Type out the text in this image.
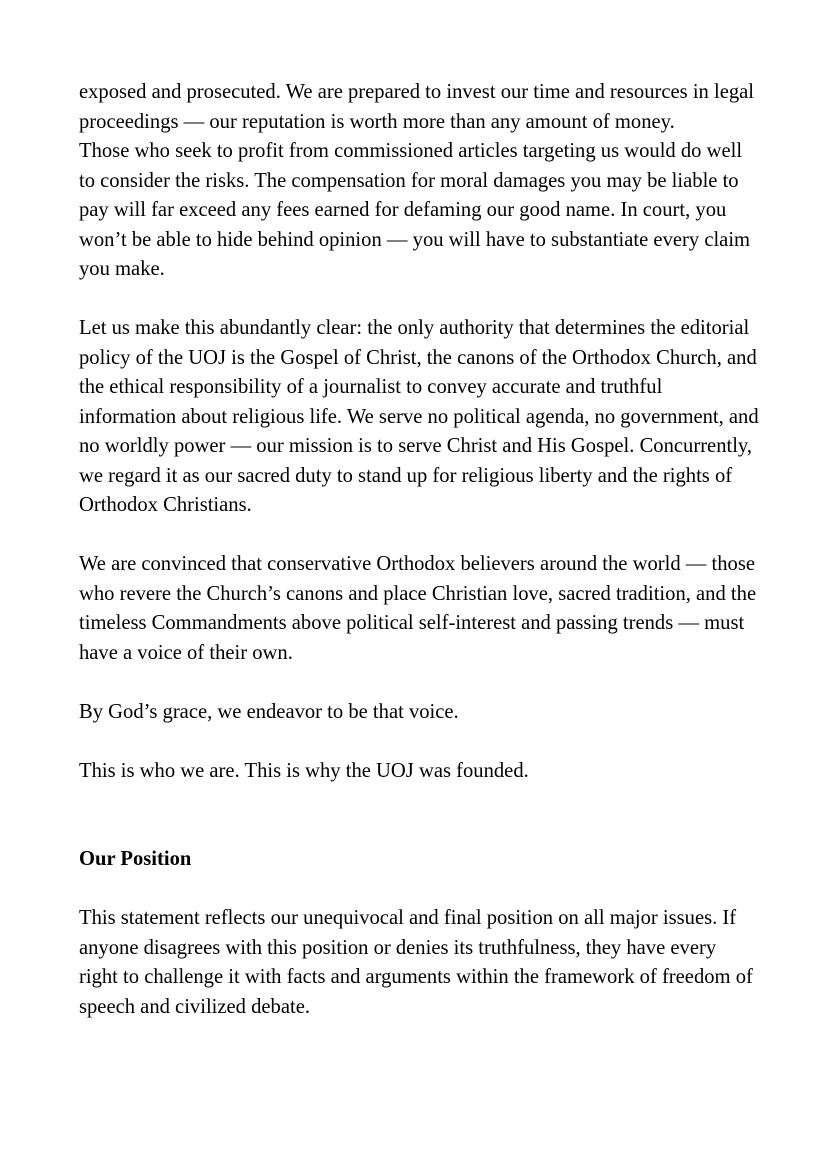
exposed and prosecuted. We are prepared to invest our time and resources in legal proceedings — our reputation is worth more than any amount of money.

Those who seek to profit from commissioned articles targeting us would do well to consider the risks. The compensation for moral damages you may be liable to pay will far exceed any fees earned for defaming our good name. In court, you won’t be able to hide behind opinion — you will have to substantiate every claim you make.

Let us make this abundantly clear: the only authority that determines the editorial policy of the UOJ is the Gospel of Christ, the canons of the Orthodox Church, and the ethical responsibility of a journalist to convey accurate and truthful information about religious life. We serve no political agenda, no government, and no worldly power — our mission is to serve Christ and His Gospel. Concurrently, we regard it as our sacred duty to stand up for religious liberty and the rights of Orthodox Christians.

We are convinced that conservative Orthodox believers around the world — those who revere the Church’s canons and place Christian love, sacred tradition, and the timeless Commandments above political self-interest and passing trends — must have a voice of their own.

By God’s grace, we endeavor to be that voice.

This is who we are. This is why the UOJ was founded.

Our Position

This statement reflects our unequivocal and final position on all major issues. If anyone disagrees with this position or denies its truthfulness, they have every right to challenge it with facts and arguments within the framework of freedom of speech and civilized debate.
